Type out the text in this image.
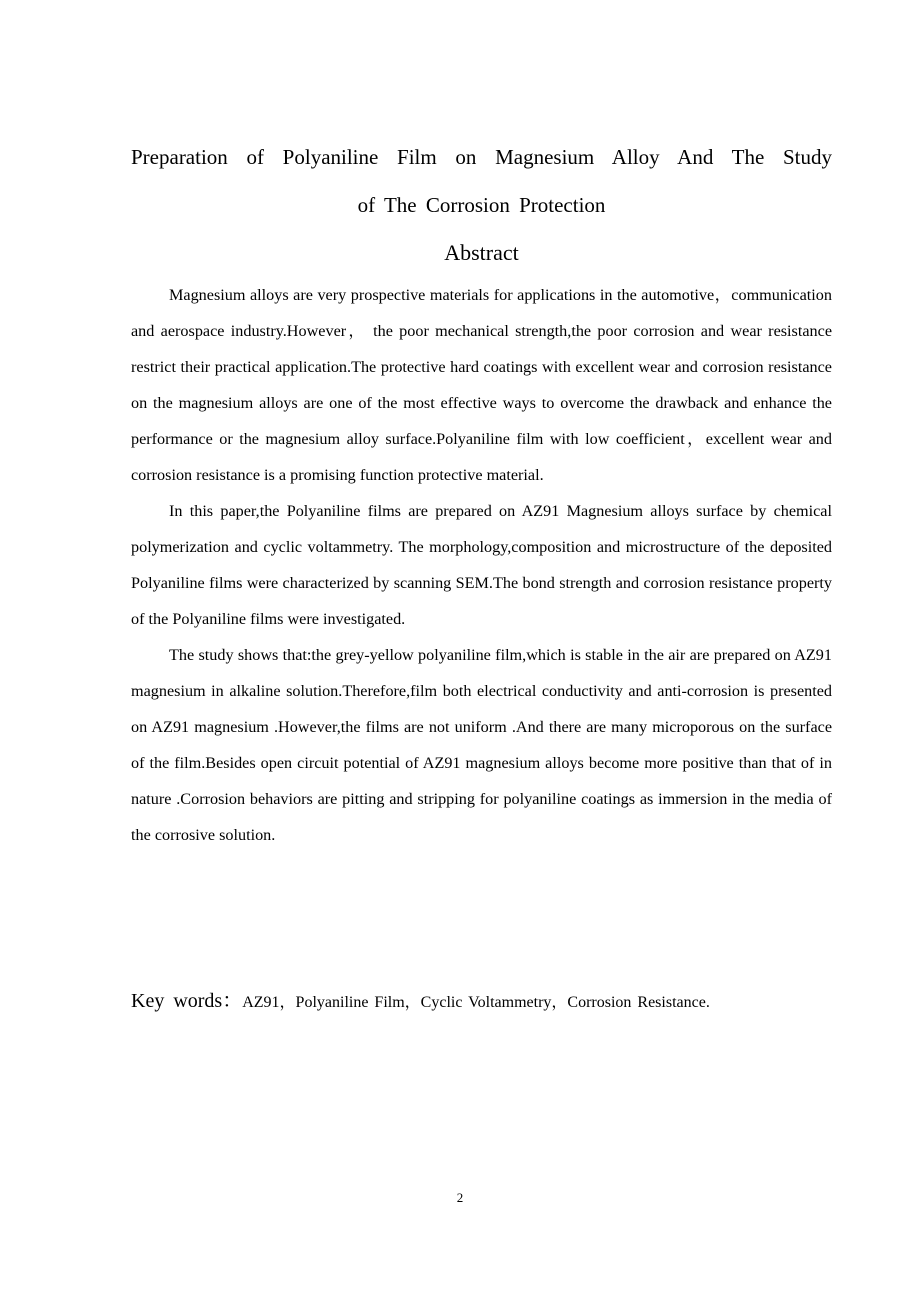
Preparation of Polyaniline Film on Magnesium Alloy And The Study
of The Corrosion Protection
Abstract

Magnesium alloys are very prospective materials for applications in the automotive，communication and aerospace industry.However， the poor mechanical strength,the poor corrosion and wear resistance restrict their practical application.The protective hard coatings with excellent wear and corrosion resistance on the magnesium alloys are one of the most effective ways to overcome the drawback and enhance the performance or the magnesium alloy surface.Polyaniline film with low coefficient，excellent wear and corrosion resistance is a promising function protective material.

In this paper,the Polyaniline films are prepared on AZ91 Magnesium alloys surface by chemical polymerization and cyclic voltammetry. The morphology,composition and microstructure of the deposited Polyaniline films were characterized by scanning SEM.The bond strength and corrosion resistance property of the Polyaniline films were investigated.

The study shows that:the grey-yellow polyaniline film,which is stable in the air are prepared on AZ91 magnesium in alkaline solution.Therefore,film both electrical conductivity and anti-corrosion is presented on AZ91 magnesium .However,the films are not uniform .And there are many microporous on the surface of the film.Besides open circuit potential of AZ91 magnesium alloys become more positive than that of in nature .Corrosion behaviors are pitting and stripping for polyaniline coatings as immersion in the media of the corrosive solution.

Key words：AZ91，Polyaniline Film，Cyclic Voltammetry，Corrosion Resistance.

2
